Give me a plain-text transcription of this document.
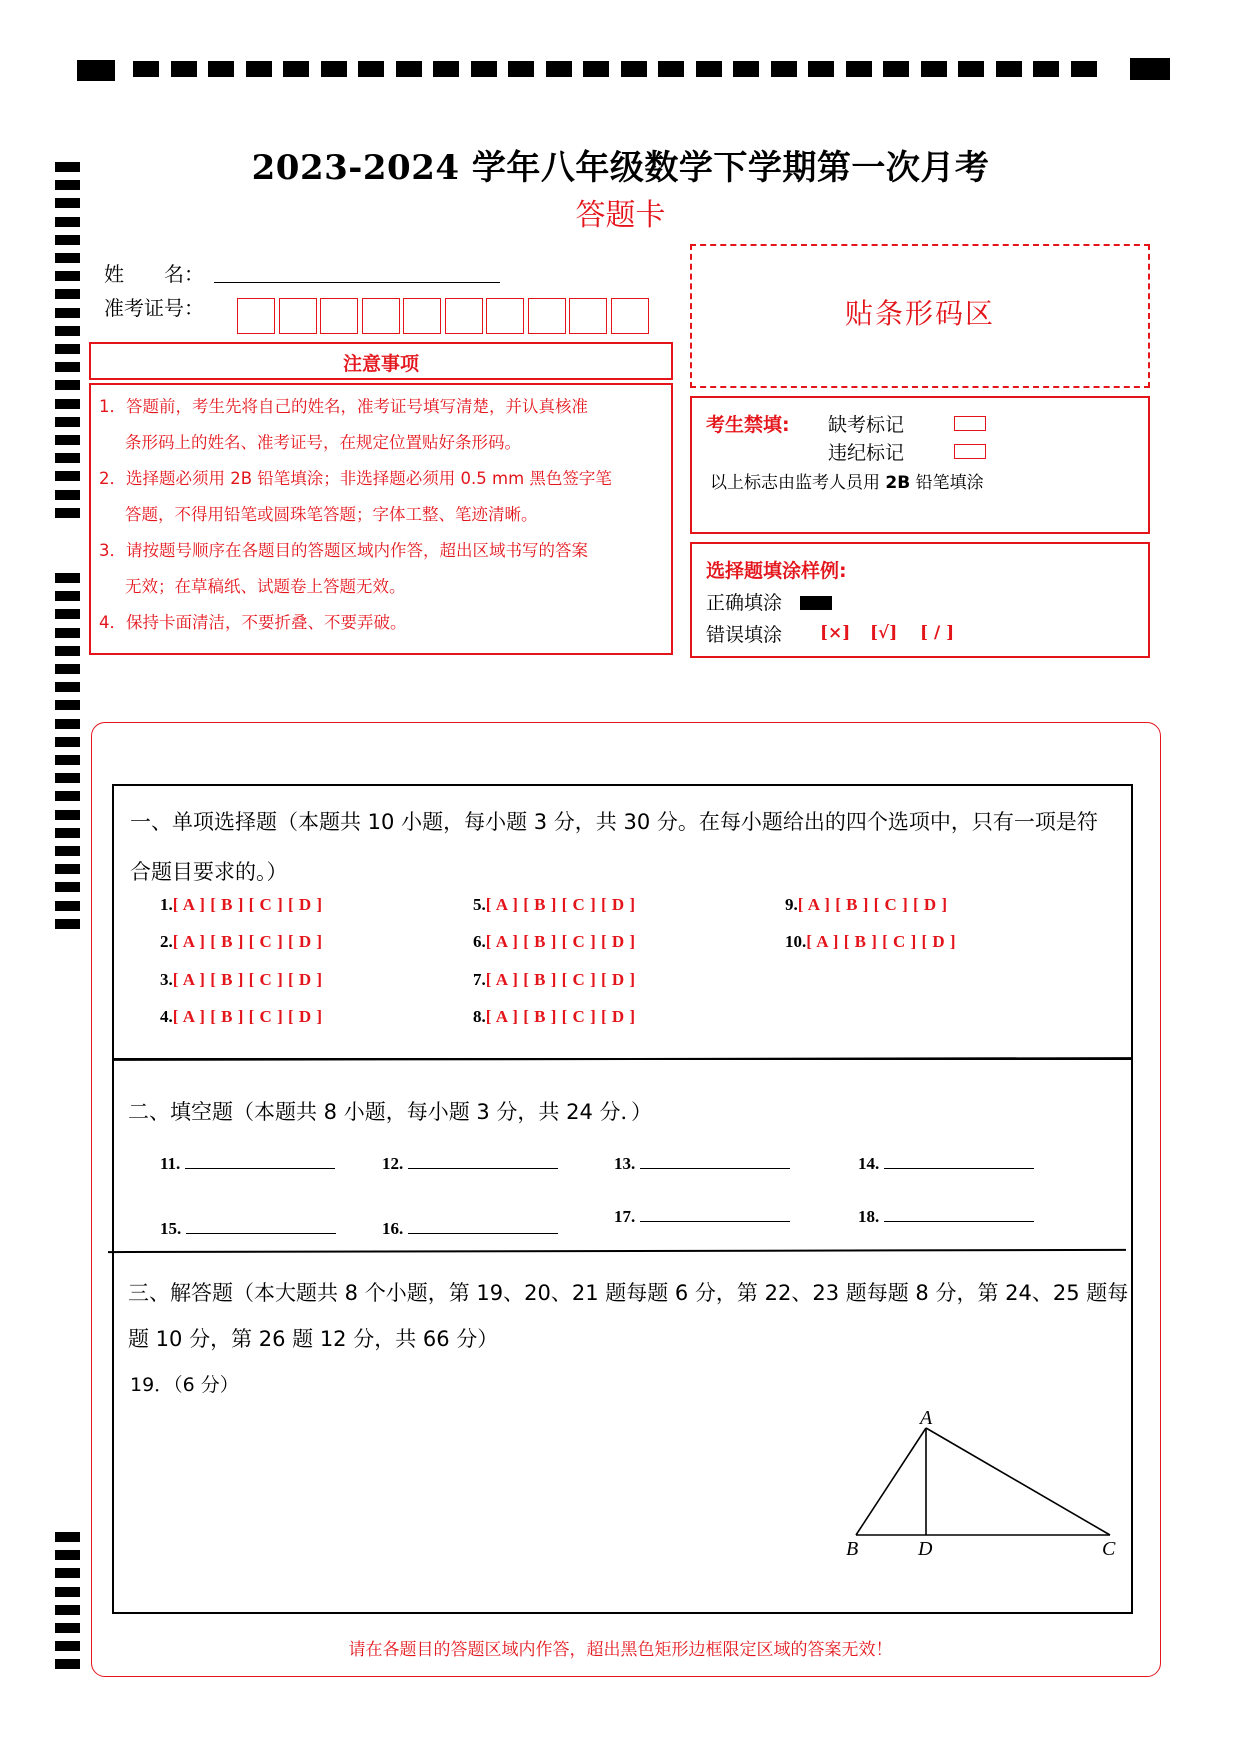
2023-2024 学年八年级数学下学期第一次月考
答题卡
姓　　名：
准考证号：	贴条形码区
注意事项
1．答题前，考生先将自己的姓名，准考证号填写清楚，并认真核准
条形码上的姓名、准考证号，在规定位置贴好条形码。
2．选择题必须用 2B 铅笔填涂；非选择题必须用 0.5 mm 黑色签字笔
答题，不得用铅笔或圆珠笔答题；字体工整、笔迹清晰。
3．请按题号顺序在各题目的答题区域内作答，超出区域书写的答案
无效；在草稿纸、试题卷上答题无效。
4．保持卡面清洁，不要折叠、不要弄破。
考生禁填: 缺考标记
违纪标记
以上标志由监考人员用 2B 铅笔填涂
选择题填涂样例:
正确填涂
错误填涂 [×] [√] [ / ]
一、单项选择题（本题共 10 小题，每小题 3 分，共 30 分。在每小题给出的四个选项中，只有一项是符
合题目要求的。）
1.[ A ] [ B ] [ C ] [ D ]
2.[ A ] [ B ] [ C ] [ D ]
3.[ A ] [ B ] [ C ] [ D ]
4.[ A ] [ B ] [ C ] [ D ]
5.[ A ] [ B ] [ C ] [ D ]
6.[ A ] [ B ] [ C ] [ D ]
7.[ A ] [ B ] [ C ] [ D ]
8.[ A ] [ B ] [ C ] [ D ]
9.[ A ] [ B ] [ C ] [ D ]
10.[ A ] [ B ] [ C ] [ D ]
二、填空题（本题共 8 小题，每小题 3 分，共 24 分．）
11.	12.	13.	14.
15.	16.
17.	18.
三、解答题（本大题共 8 个小题，第 19、20、21 题每题 6 分，第 22、23 题每题 8 分，第 24、25 题每
题 10 分，第 26 题 12 分，共 66 分）
19．（6 分）
A
B	D	C
请在各题目的答题区域内作答，超出黑色矩形边框限定区域的答案无效！
